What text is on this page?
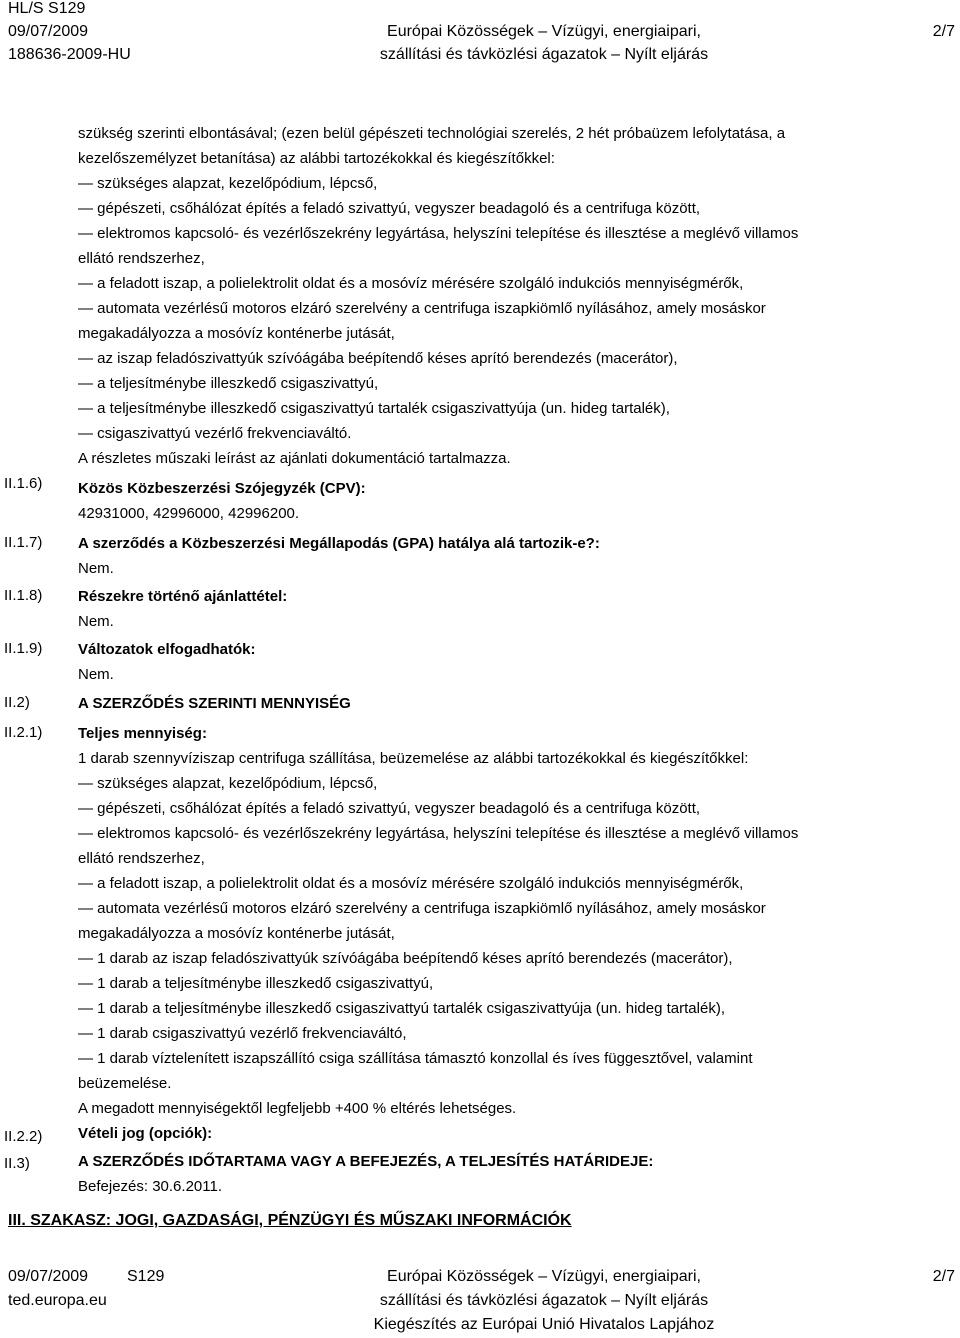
HL/S S129
09/07/2009
188636-2009-HU
Európai Közösségek – Vízügyi, energiaipari,
szállítási és távközlési ágazatok – Nyílt eljárás
2/7
II.1.6)
II.1.7)
II.1.8)
II.1.9)
II.2)
II.2.1)
II.2.2)
II.3)

szükség szerinti elbontásával; (ezen belül gépészeti technológiai szerelés, 2 hét próbaüzem lefolytatása, a

kezelőszemélyzet betanítása) az alábbi tartozékokkal és kiegészítőkkel:

— szükséges alapzat, kezelőpódium, lépcső,

— gépészeti, csőhálózat építés a feladó szivattyú, vegyszer beadagoló és a centrifuga között,

— elektromos kapcsoló- és vezérlőszekrény legyártása, helyszíni telepítése és illesztése a meglévő villamos

ellátó rendszerhez,

— a feladott iszap, a polielektrolit oldat és a mosóvíz mérésére szolgáló indukciós mennyiségmérők,

— automata vezérlésű motoros elzáró szerelvény a centrifuga iszapkiömlő nyílásához, amely mosáskor

megakadályozza a mosóvíz konténerbe jutását,

— az iszap feladószivattyúk szívóágába beépítendő késes aprító berendezés (macerátor),

— a teljesítménybe illeszkedő csigaszivattyú,

— a teljesítménybe illeszkedő csigaszivattyú tartalék csigaszivattyúja (un. hideg tartalék),

— csigaszivattyú vezérlő frekvenciaváltó.

A részletes műszaki leírást az ajánlati dokumentáció tartalmazza.

Közös Közbeszerzési Szójegyzék (CPV):

42931000, 42996000, 42996200.

A szerződés a Közbeszerzési Megállapodás (GPA) hatálya alá tartozik-e?:

Nem.

Részekre történő ajánlattétel:

Nem.

Változatok elfogadhatók:

Nem.

A SZERZŐDÉS SZERINTI MENNYISÉG

Teljes mennyiség:

1 darab szennyvíziszap centrifuga szállítása, beüzemelése az alábbi tartozékokkal és kiegészítőkkel:

— szükséges alapzat, kezelőpódium, lépcső,

— gépészeti, csőhálózat építés a feladó szivattyú, vegyszer beadagoló és a centrifuga között,

— elektromos kapcsoló- és vezérlőszekrény legyártása, helyszíni telepítése és illesztése a meglévő villamos

ellátó rendszerhez,

— a feladott iszap, a polielektrolit oldat és a mosóvíz mérésére szolgáló indukciós mennyiségmérők,

— automata vezérlésű motoros elzáró szerelvény a centrifuga iszapkiömlő nyílásához, amely mosáskor

megakadályozza a mosóvíz konténerbe jutását,

— 1 darab az iszap feladószivattyúk szívóágába beépítendő késes aprító berendezés (macerátor),

— 1 darab a teljesítménybe illeszkedő csigaszivattyú,

— 1 darab a teljesítménybe illeszkedő csigaszivattyú tartalék csigaszivattyúja (un. hideg tartalék),

— 1 darab csigaszivattyú vezérlő frekvenciaváltó,

— 1 darab víztelenített iszapszállító csiga szállítása támasztó konzollal és íves függesztővel, valamint

beüzemelése.

A megadott mennyiségektől legfeljebb +400 % eltérés lehetséges.

Vételi jog (opciók):

A SZERZŐDÉS IDŐTARTAMA VAGY A BEFEJEZÉS, A TELJESÍTÉS HATÁRIDEJE:

Befejezés: 30.6.2011.

III. SZAKASZ: JOGI, GAZDASÁGI, PÉNZÜGYI ÉS MŰSZAKI INFORMÁCIÓK
09/07/2009 S129
ted.europa.eu
Európai Közösségek – Vízügyi, energiaipari,
szállítási és távközlési ágazatok – Nyílt eljárás
Kiegészítés az Európai Unió Hivatalos Lapjához
2/7
